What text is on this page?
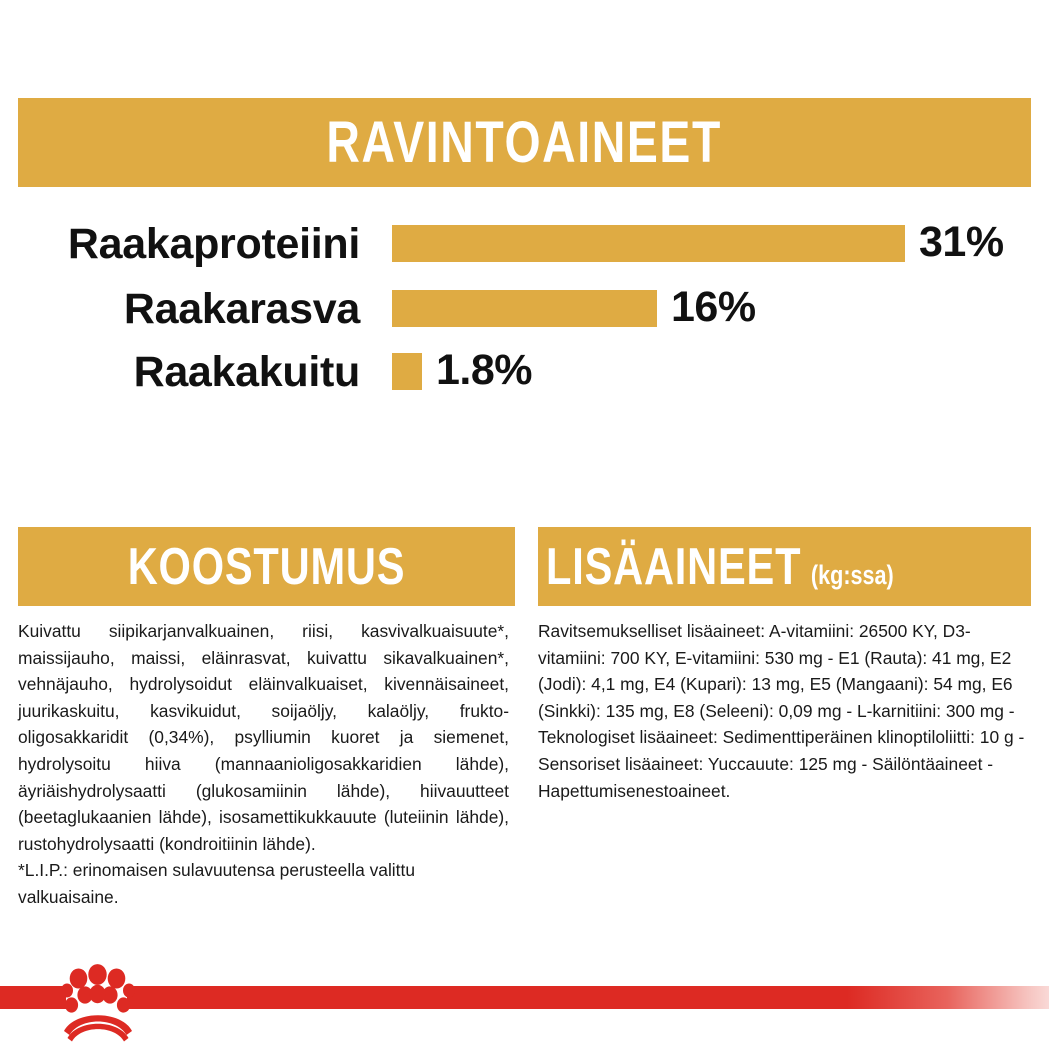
RAVINTOAINEET
Raakaproteiini	31%
Raakarasva	16%
Raakakuitu 1.8%
KOOSTUMUS	LISÄAINEET (kg:ssa)

Kuivattu siipikarjanvalkuainen, riisi, kasvivalkuaisuute*, maissijauho, maissi, eläinrasvat, kuivattu sikavalkuainen*, vehnäjauho, hydrolysoidut eläinvalkuaiset, kivennäisaineet, juurikaskuitu, kasvikuidut, soijaöljy, kalaöljy, frukto-oligosakkaridit (0,34%), psylliumin kuoret ja siemenet, hydrolysoitu hiiva (mannaanioligosakkaridien lähde), äyriäishydrolysaatti (glukosamiinin lähde), hiivauutteet (beetaglukaanien lähde), isosamettikukkauute (luteiinin lähde), rustohydrolysaatti (kondroitiinin lähde).

*L.I.P.: erinomaisen sulavuutensa perusteella valittu valkuaisaine.

Ravitsemukselliset lisäaineet: A-vitamiini: 26500 KY, D3-vitamiini: 700 KY, E-vitamiini: 530 mg - E1 (Rauta): 41 mg, E2 (Jodi): 4,1 mg, E4 (Kupari): 13 mg, E5 (Mangaani): 54 mg, E6 (Sinkki): 135 mg, E8 (Seleeni): 0,09 mg - L-karnitiini: 300 mg - Teknologiset lisäaineet: Sedimenttiperäinen klinoptiloliitti: 10 g - Sensoriset lisäaineet: Yuccauute: 125 mg - Säilöntäaineet - Hapettumisenestoaineet.
